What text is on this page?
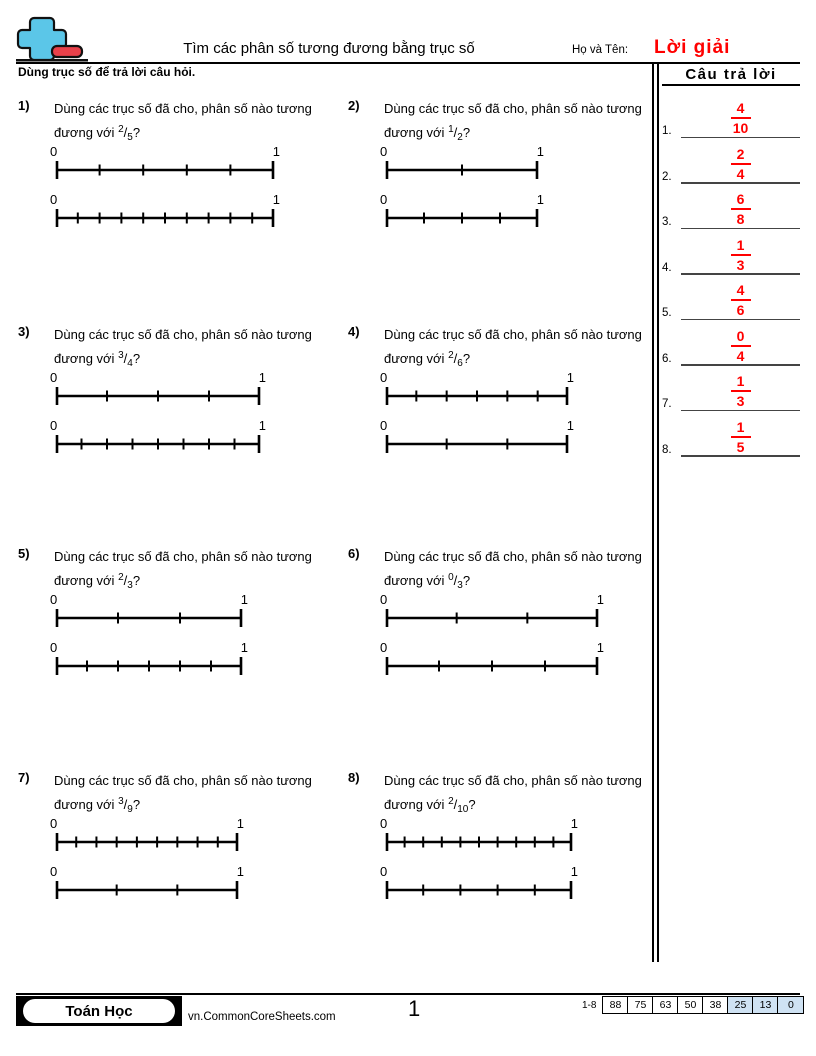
Tìm các phân số tương đương bằng trục số	Họ và Tên: Lời giải
Dùng trục số để trả lời câu hỏi.	Câu trả lời
Toán Học	vn.CommonCoreSheets.com	1	1-8	88	75	63	50	38	25	13	0
1.
4
10
2.
2
4
3.
6
8
4.
1
3
5.
4
6
6.
0
4
7.
1
3
8.
1
5
1) Dùng các trục số đã cho, phân số nào tương đương với $^2/_5$?
0	1
0	1
2) Dùng các trục số đã cho, phân số nào tương đương với $^1/_2$?
0	1
0	1
3) Dùng các trục số đã cho, phân số nào tương đương với $^3/_4$?
0	1
0	1
4) Dùng các trục số đã cho, phân số nào tương đương với $^2/_6$?
0	1
0	1
5) Dùng các trục số đã cho, phân số nào tương đương với $^2/_3$?
0	1
0	1
6) Dùng các trục số đã cho, phân số nào tương đương với $^0/_3$?
0	1
0	1
7) Dùng các trục số đã cho, phân số nào tương đương với $^3/_9$?
0	1
0	1
8) Dùng các trục số đã cho, phân số nào tương đương với $^2/_{10}$?
0	1
0	1
